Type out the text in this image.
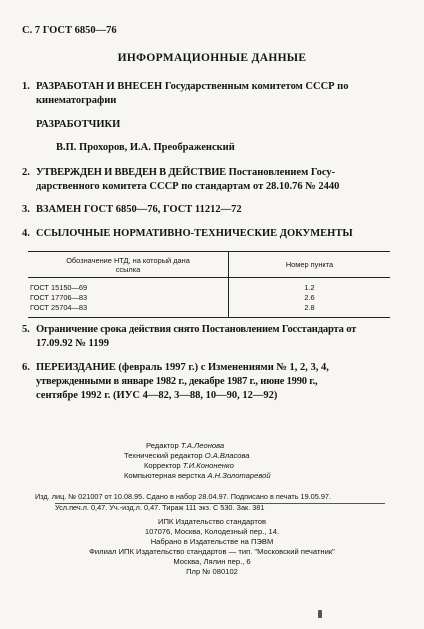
С. 7 ГОСТ 6850—76
ИНФОРМАЦИОННЫЕ ДАННЫЕ
1. РАЗРАБОТАН И ВНЕСЕН Государственным комитетом СССР по
кинематографии
РАЗРАБОТЧИКИ
В.П. Прохоров, И.А. Преображенский
2. УТВЕРЖДЕН И ВВЕДЕН В ДЕЙСТВИЕ Постановлением Госу-
дарственного комитета СССР по стандартам от 28.10.76 № 2440
3. ВЗАМЕН ГОСТ 6850—76, ГОСТ 11212—72
4. ССЫЛОЧНЫЕ НОРМАТИВНО-ТЕХНИЧЕСКИЕ ДОКУМЕНТЫ
Обозначение НТД, на который дана
ссылка	Номер пункта
ГОСТ 15150—69	1.2
ГОСТ 17706—83	2.6
ГОСТ 25704—83	2.8
5. Ограничение срока действия снято Постановлением Госстандарта от
17.09.92 № 1199
6. ПЕРЕИЗДАНИЕ (февраль 1997 г.) с Изменениями № 1, 2, 3, 4,
утвержденными в январе 1982 г., декабре 1987 г., июне 1990 г.,
сентябре 1992 г. (ИУС 4—82, 3—88, 10—90, 12—92)
Редактор Т.А.Леонова
Технический редактор О.А.Власова
Корректор Т.И.Кононенко
Компьютерная верстка А.Н.Золотаревой
Изд. лиц. № 021007 от 10.08.95. Сдано в набор 28.04.97. Подписано в печать 19.05.97.
Усл.печ.л. 0,47. Уч.-изд.л. 0,47. Тираж 111 экз. С 530. Зак. 381
ИПК Издательство стандартов
107076, Москва, Колодезный пер., 14.
Набрано в Издательстве на ПЭВМ
Филиал ИПК Издательство стандартов — тип. "Московский печатник"
Москва, Лялин пер., 6
Плр № 080102
